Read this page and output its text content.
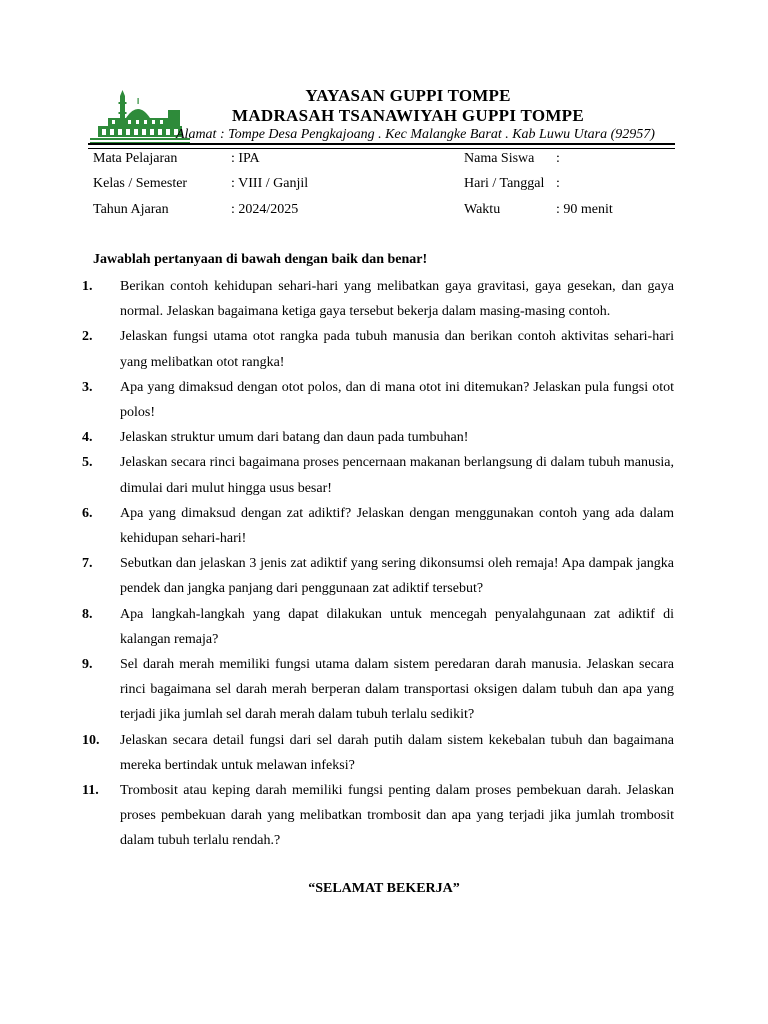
YAYASAN GUPPI TOMPE
MADRASAH TSANAWIYAH GUPPI TOMPE
Alamat : Tompe Desa Pengkajoang . Kec Malangke Barat . Kab Luwu Utara (92957)
Mata Pelajaran	: IPA	Nama Siswa :
Kelas / Semester	: VIII / Ganjil	Hari / Tanggal :
Tahun Ajaran	: 2024/2025	Waktu	: 90 menit
Jawablah pertanyaan di bawah dengan baik dan benar!
1. Berikan contoh kehidupan sehari-hari yang melibatkan gaya gravitasi, gaya gesekan, dan gaya normal. Jelaskan bagaimana ketiga gaya tersebut bekerja dalam masing-masing contoh.
2. Jelaskan fungsi utama otot rangka pada tubuh manusia dan berikan contoh aktivitas sehari-hari yang melibatkan otot rangka!
3. Apa yang dimaksud dengan otot polos, dan di mana otot ini ditemukan? Jelaskan pula fungsi otot polos!
4. Jelaskan struktur umum dari batang dan daun pada tumbuhan!
5. Jelaskan secara rinci bagaimana proses pencernaan makanan berlangsung di dalam tubuh manusia, dimulai dari mulut hingga usus besar!
6. Apa yang dimaksud dengan zat adiktif? Jelaskan dengan menggunakan contoh yang ada dalam kehidupan sehari-hari!
7. Sebutkan dan jelaskan 3 jenis zat adiktif yang sering dikonsumsi oleh remaja! Apa dampak jangka pendek dan jangka panjang dari penggunaan zat adiktif tersebut?
8. Apa langkah-langkah yang dapat dilakukan untuk mencegah penyalahgunaan zat adiktif di kalangan remaja?
9. Sel darah merah memiliki fungsi utama dalam sistem peredaran darah manusia. Jelaskan secara rinci bagaimana sel darah merah berperan dalam transportasi oksigen dalam tubuh dan apa yang terjadi jika jumlah sel darah merah dalam tubuh terlalu sedikit?
10. Jelaskan secara detail fungsi dari sel darah putih dalam sistem kekebalan tubuh dan bagaimana mereka bertindak untuk melawan infeksi?
11. Trombosit atau keping darah memiliki fungsi penting dalam proses pembekuan darah. Jelaskan proses pembekuan darah yang melibatkan trombosit dan apa yang terjadi jika jumlah trombosit dalam tubuh terlalu rendah.?
“SELAMAT BEKERJA”
